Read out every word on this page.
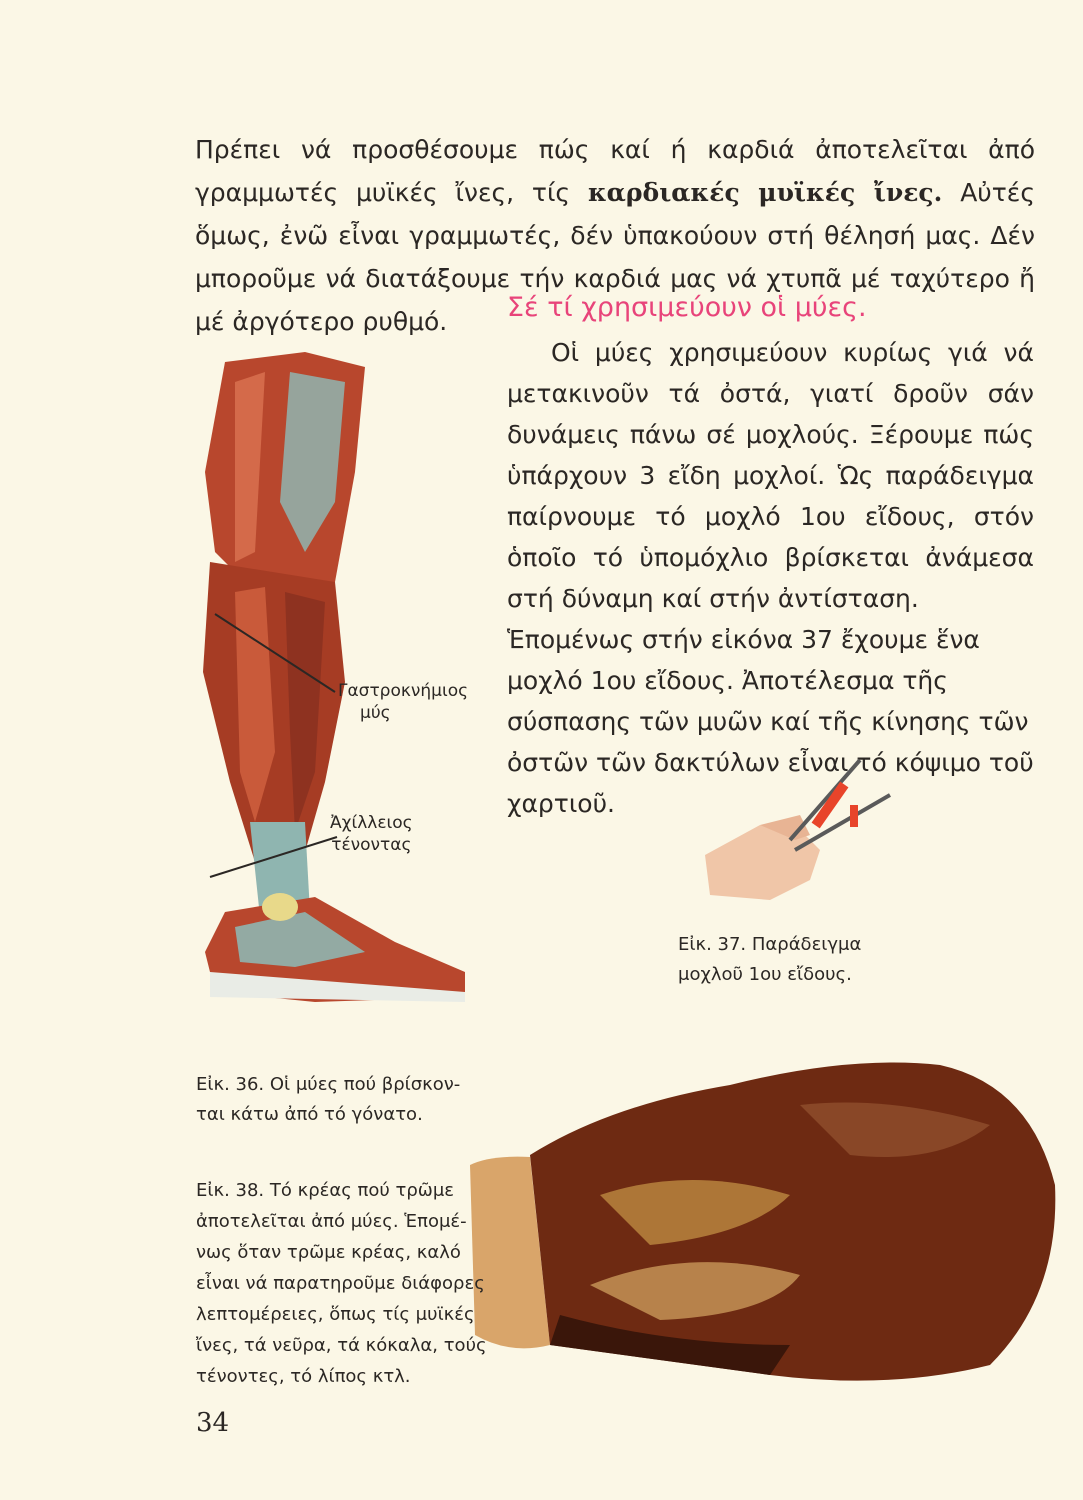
Πρέπει νά προσθέσουμε πώς καί ή καρδιά ἀποτελεῖται ἀπό γραμμωτές μυϊκές ἴνες, τίς καρδιακές μυϊκές ἴνες. Αὐτές ὅμως, ἐνῶ εἶναι γραμμωτές, δέν ὑπακούουν στή θέλησή μας. Δέν μποροῦμε νά διατάξουμε τήν καρδιά μας νά χτυπᾶ μέ ταχύτερο ἤ μέ ἀργότερο ρυθμό.	Σέ τί χρησιμεύουν οἱ μύες.

Οἱ μύες χρησιμεύουν κυρίως γιά νά μετακινοῦν τά ὀστά, γιατί δροῦν σάν δυνάμεις πάνω σέ μοχλούς. Ξέρουμε πώς ὑπάρχουν 3 εἴδη μοχλοί. Ὡς παράδειγμα παίρνουμε τό μοχλό 1ου εἴδους, στόν ὁποῖο τό ὑπομόχλιο βρίσκεται ἀνάμεσα στή δύναμη καί στήν ἀντίσταση.

Ἑπομένως στήν εἰκόνα 37 ἔχουμε ἕνα μοχλό 1ου εἴδους. Ἀποτέλεσμα τῆς σύσπασης τῶν μυῶν καί τῆς κίνησης τῶν ὀστῶν τῶν δακτύλων εἶναι τό κόψιμο τοῦ χαρτιοῦ.

Γαστροκνήμιος
μύς
Ἀχίλλειος
τένοντας
Εἰκ. 36. Οἱ μύες πού βρίσκον-
ται κάτω ἀπό τό γόνατο.
Εἰκ. 37. Παράδειγμα
μοχλοῦ 1ου εἴδους.
Εἰκ. 38. Τό κρέας πού τρῶμε
ἀποτελεῖται ἀπό μύες. Ἑπομέ-
νως ὅταν τρῶμε κρέας, καλό
εἶναι νά παρατηροῦμε διάφορες
λεπτομέρειες, ὅπως τίς μυϊκές
ἴνες, τά νεῦρα, τά κόκαλα, τούς
τένοντες, τό λίπος κτλ.
34
